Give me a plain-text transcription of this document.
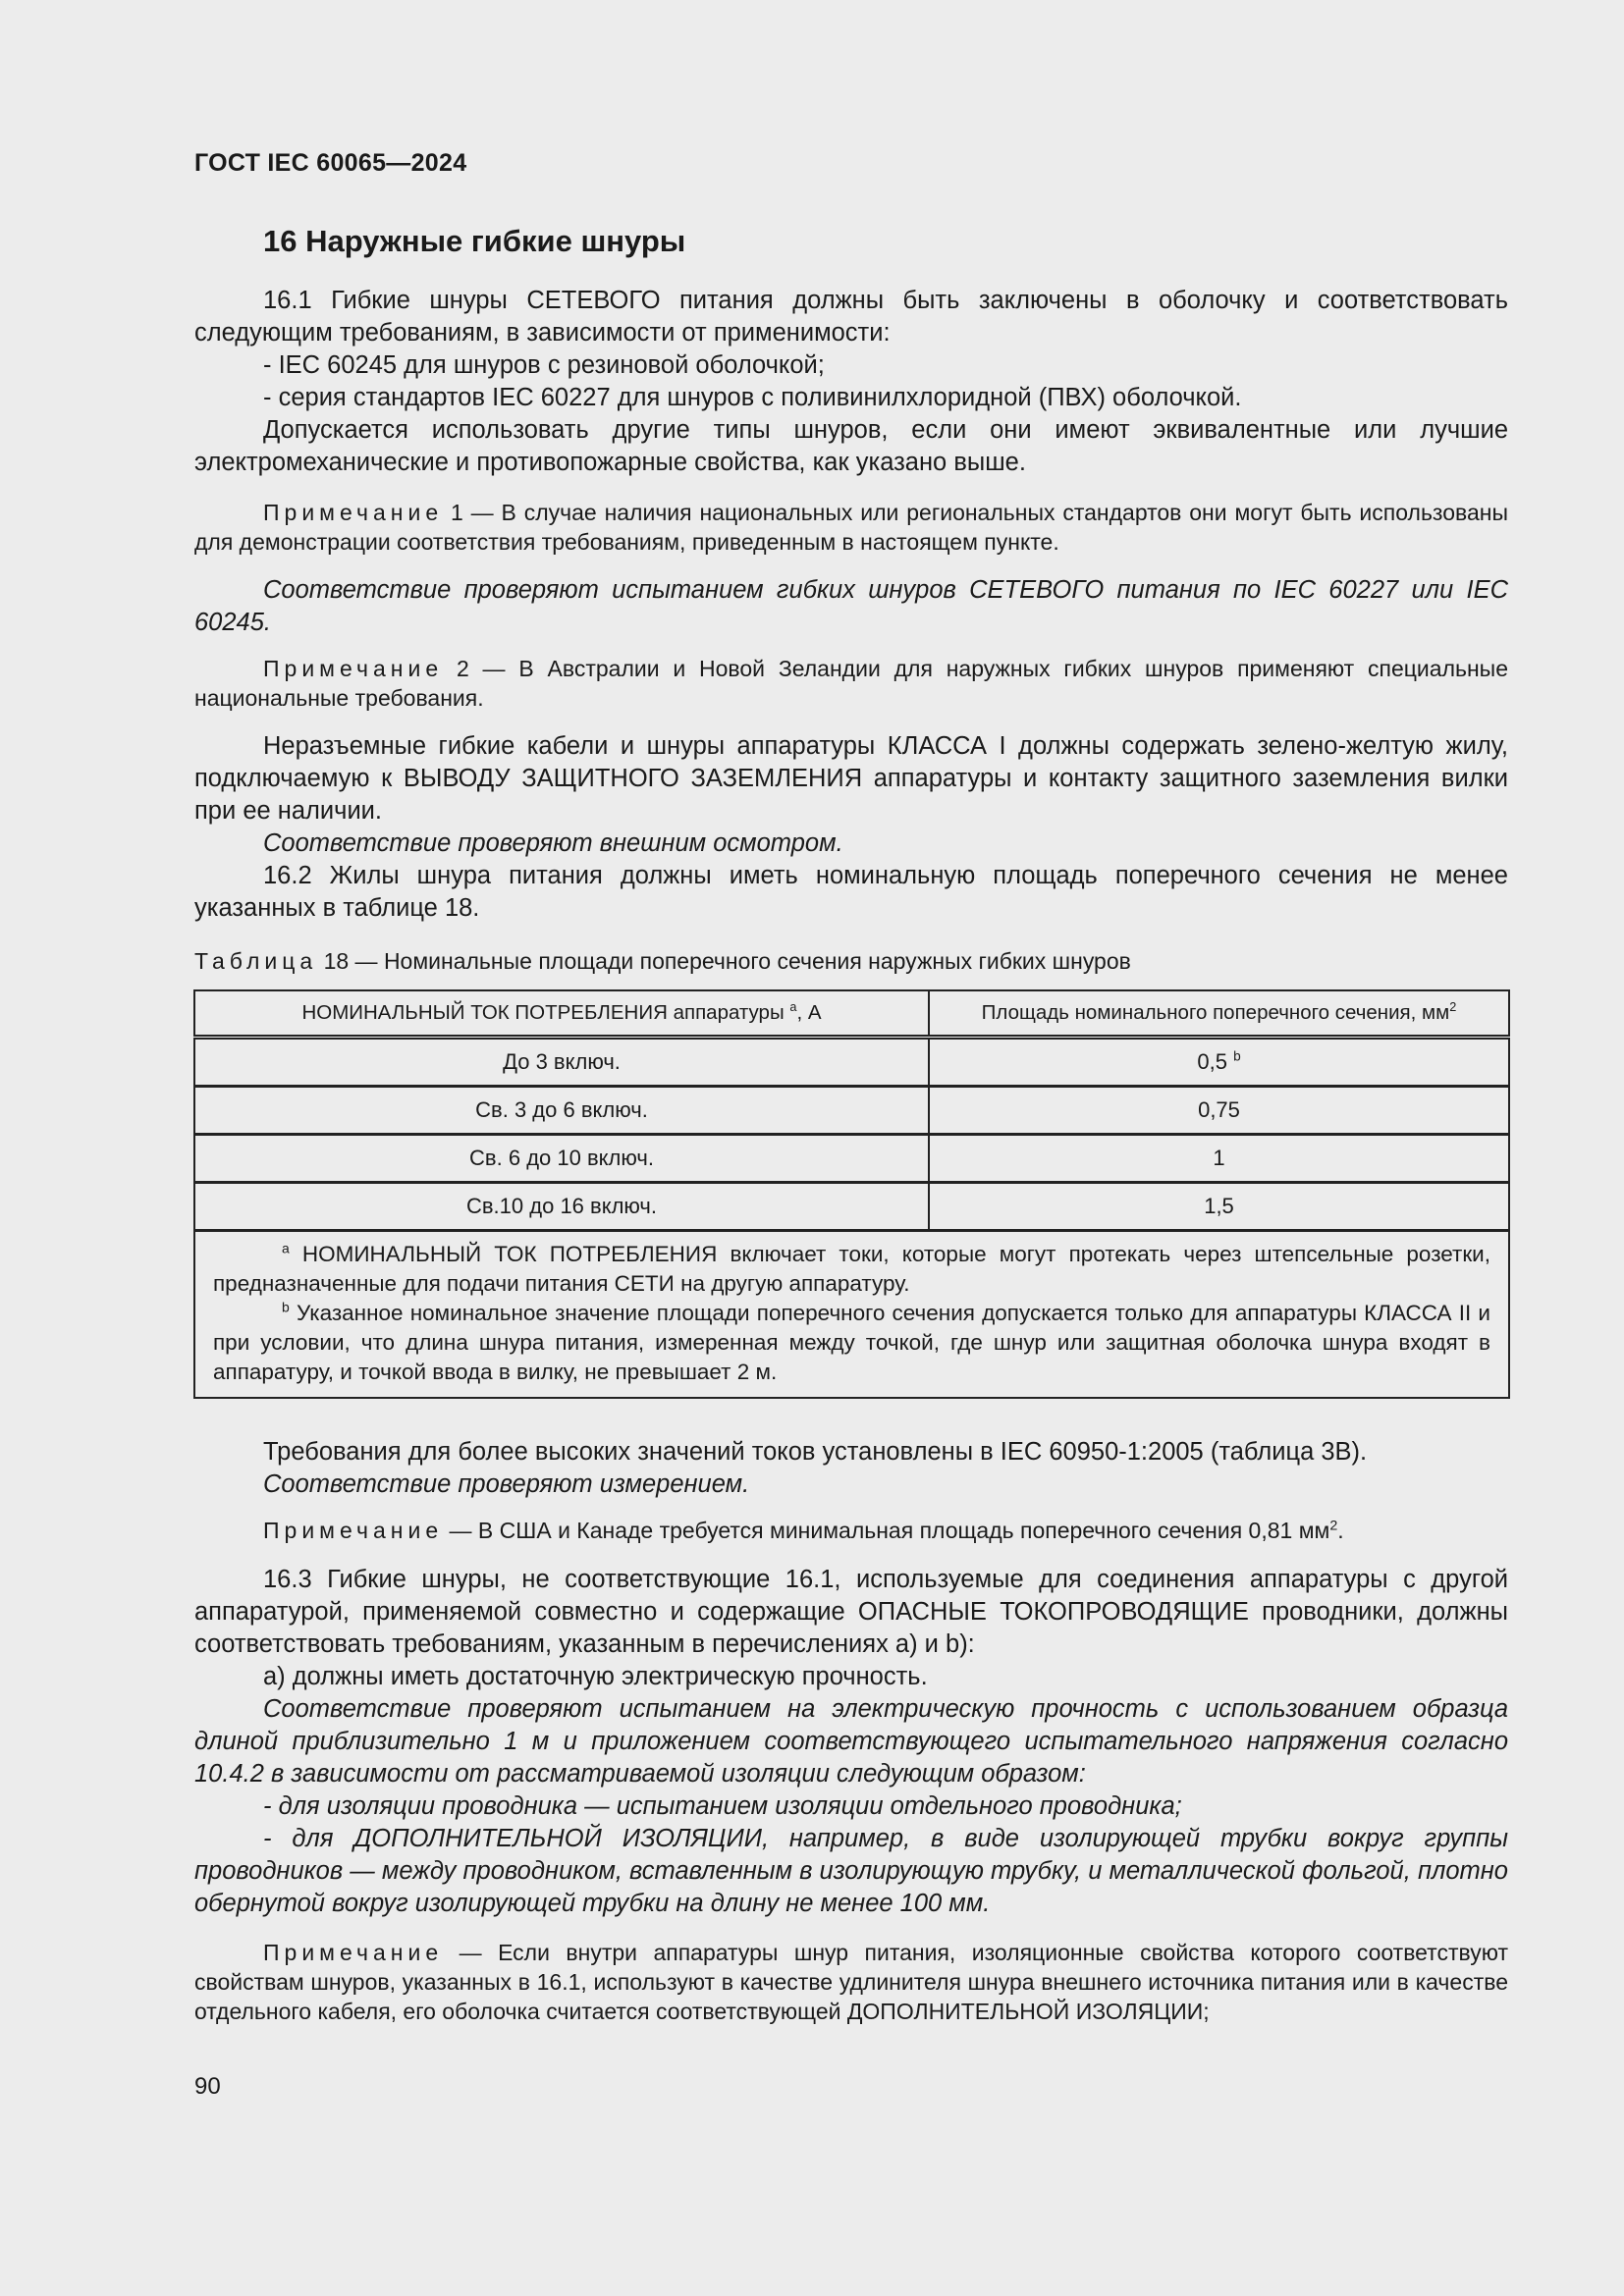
ГОСТ IEC 60065—2024
16 Наружные гибкие шнуры

16.1 Гибкие шнуры СЕТЕВОГО питания должны быть заключены в оболочку и соответствовать следующим требованиям, в зависимости от применимости:

- IEC 60245 для шнуров с резиновой оболочкой;

- серия стандартов IEC 60227 для шнуров с поливинилхлоридной (ПВХ) оболочкой.

Допускается использовать другие типы шнуров, если они имеют эквивалентные или лучшие электромеханические и противопожарные свойства, как указано выше.

Примечание 1 — В случае наличия национальных или региональных стандартов они могут быть использованы для демонстрации соответствия требованиям, приведенным в настоящем пункте.

Соответствие проверяют испытанием гибких шнуров СЕТЕВОГО питания по IEC 60227 или IEC 60245.

Примечание 2 — В Австралии и Новой Зеландии для наружных гибких шнуров применяют специальные национальные требования.

Неразъемные гибкие кабели и шнуры аппаратуры КЛАССА I должны содержать зелено-желтую жилу, подключаемую к ВЫВОДУ ЗАЩИТНОГО ЗАЗЕМЛЕНИЯ аппаратуры и контакту защитного заземления вилки при ее наличии.

Соответствие проверяют внешним осмотром.

16.2 Жилы шнура питания должны иметь номинальную площадь поперечного сечения не менее указанных в таблице 18.

Таблица 18 — Номинальные площади поперечного сечения наружных гибких шнуров
НОМИНАЛЬНЫЙ ТОК ПОТРЕБЛЕНИЯ аппаратуры $^a$, А	Площадь номинального поперечного сечения, $мм^2$
До 3 включ.	0,5 $^b$
Св. 3 до 6 включ.	0,75
Св. 6 до 10 включ.	1
Св.10 до 16 включ.	1,5

$^a$ НОМИНАЛЬНЫЙ ТОК ПОТРЕБЛЕНИЯ включает токи, которые могут протекать через штепсельные розетки, предназначенные для подачи питания СЕТИ на другую аппаратуру.

$^b$ Указанное номинальное значение площади поперечного сечения допускается только для аппаратуры КЛАССА II и при условии, что длина шнура питания, измеренная между точкой, где шнур или защитная оболочка шнура входят в аппаратуру, и точкой ввода в вилку, не превышает 2 м.	

Требования для более высоких значений токов установлены в IEC 60950-1:2005 (таблица 3В).

Соответствие проверяют измерением.

Примечание — В США и Канаде требуется минимальная площадь поперечного сечения 0,81 $мм^2$.

16.3 Гибкие шнуры, не соответствующие 16.1, используемые для соединения аппаратуры с другой аппаратурой, применяемой совместно и содержащие ОПАСНЫЕ ТОКОПРОВОДЯЩИЕ проводники, должны соответствовать требованиям, указанным в перечислениях a) и b):

a) должны иметь достаточную электрическую прочность.

Соответствие проверяют испытанием на электрическую прочность с использованием образца длиной приблизительно 1 м и приложением соответствующего испытательного напряжения согласно 10.4.2 в зависимости от рассматриваемой изоляции следующим образом:

- для изоляции проводника — испытанием изоляции отдельного проводника;

- для ДОПОЛНИТЕЛЬНОЙ ИЗОЛЯЦИИ, например, в виде изолирующей трубки вокруг группы проводников — между проводником, вставленным в изолирующую трубку, и металлической фольгой, плотно обернутой вокруг изолирующей трубки на длину не менее 100 мм.

Примечание — Если внутри аппаратуры шнур питания, изоляционные свойства которого соответствуют свойствам шнуров, указанных в 16.1, используют в качестве удлинителя шнура внешнего источника питания или в качестве отдельного кабеля, его оболочка считается соответствующей ДОПОЛНИТЕЛЬНОЙ ИЗОЛЯЦИИ;

90
